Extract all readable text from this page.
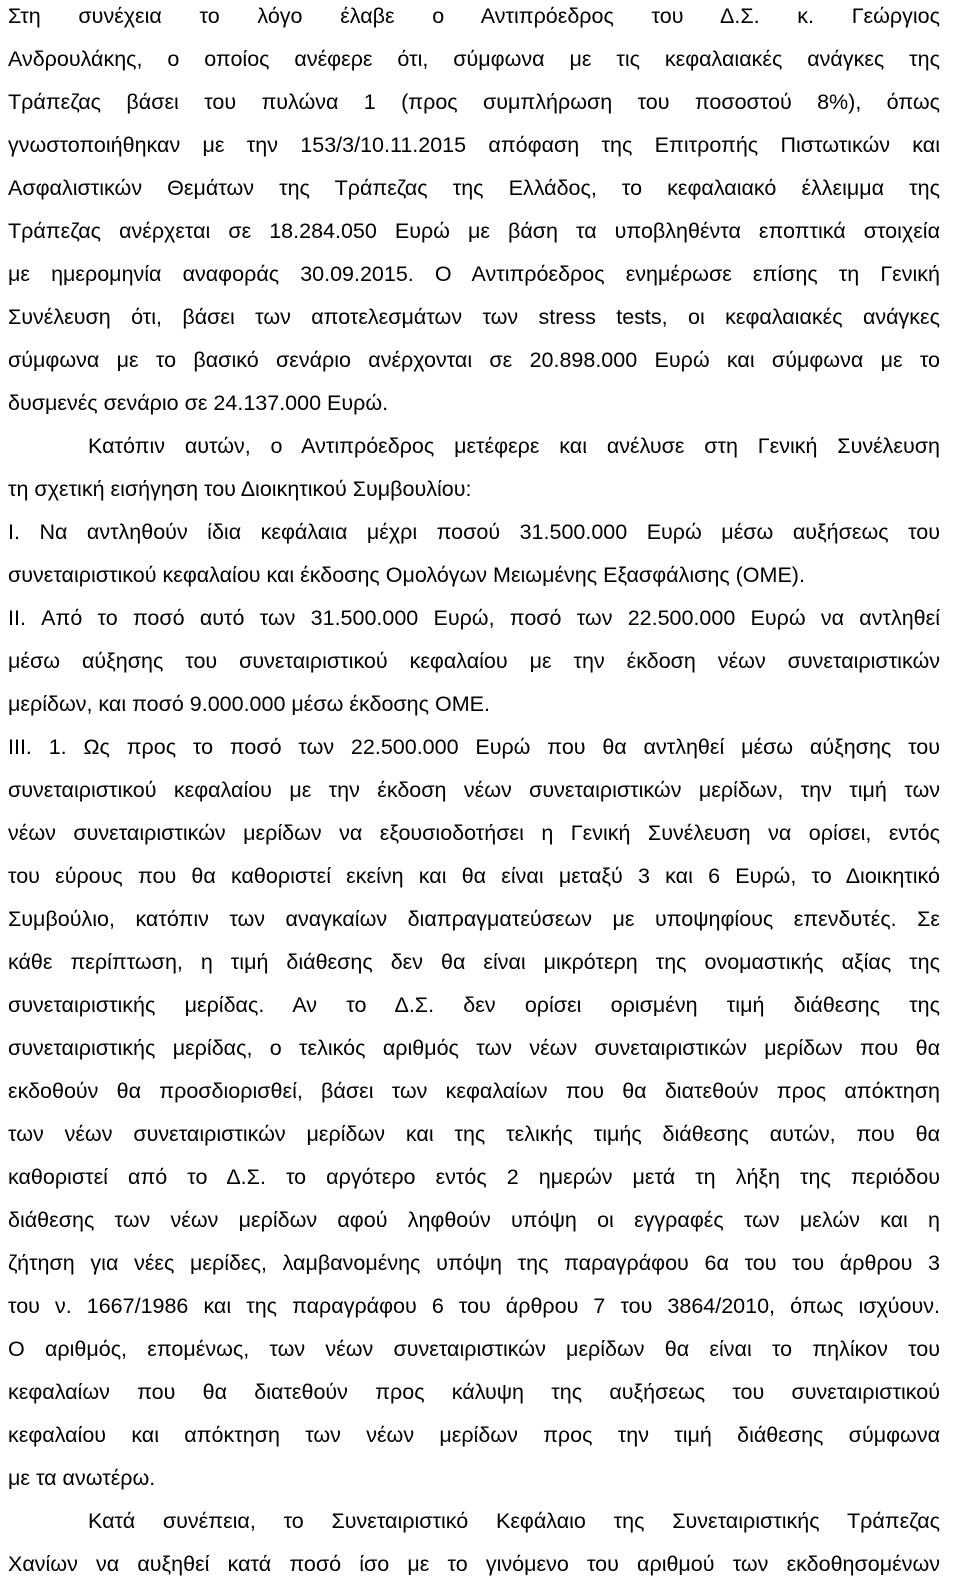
Στη συνέχεια το λόγο έλαβε ο Αντιπρόεδρος του Δ.Σ. κ. Γεώργιος
Ανδρουλάκης, ο οποίος ανέφερε ότι, σύμφωνα με τις κεφαλαιακές ανάγκες της
Τράπεζας βάσει του πυλώνα 1 (προς συμπλήρωση του ποσοστού 8%), όπως
γνωστοποιήθηκαν με την 153/3/10.11.2015 απόφαση της Επιτροπής Πιστωτικών και
Ασφαλιστικών Θεμάτων της Τράπεζας της Ελλάδος, το κεφαλαιακό έλλειμμα της
Τράπεζας ανέρχεται σε 18.284.050 Ευρώ με βάση τα υποβληθέντα εποπτικά στοιχεία
με ημερομηνία αναφοράς 30.09.2015. Ο Αντιπρόεδρος ενημέρωσε επίσης τη Γενική
Συνέλευση ότι, βάσει των αποτελεσμάτων των stress tests, οι κεφαλαιακές ανάγκες
σύμφωνα με το βασικό σενάριο ανέρχονται σε 20.898.000 Ευρώ και σύμφωνα με το
δυσμενές σενάριο σε 24.137.000 Ευρώ.
Κατόπιν αυτών, ο Αντιπρόεδρος μετέφερε και ανέλυσε στη Γενική Συνέλευση
τη σχετική εισήγηση του Διοικητικού Συμβουλίου:
I. Να αντληθούν ίδια κεφάλαια μέχρι ποσού 31.500.000 Ευρώ μέσω αυξήσεως του
συνεταιριστικού κεφαλαίου και έκδοσης Ομολόγων Μειωμένης Εξασφάλισης (ΟΜΕ).
II. Από το ποσό αυτό των 31.500.000 Ευρώ, ποσό των 22.500.000 Ευρώ να αντληθεί
μέσω αύξησης του συνεταιριστικού κεφαλαίου με την έκδοση νέων συνεταιριστικών
μερίδων, και ποσό 9.000.000 μέσω έκδοσης ΟΜΕ.
III. 1. Ως προς το ποσό των 22.500.000 Ευρώ που θα αντληθεί μέσω αύξησης του
συνεταιριστικού κεφαλαίου με την έκδοση νέων συνεταιριστικών μερίδων, την τιμή των
νέων συνεταιριστικών μερίδων να εξουσιοδοτήσει η Γενική Συνέλευση να ορίσει, εντός
του εύρους που θα καθοριστεί εκείνη και θα είναι μεταξύ 3 και 6 Ευρώ, το Διοικητικό
Συμβούλιο, κατόπιν των αναγκαίων διαπραγματεύσεων με υποψηφίους επενδυτές. Σε
κάθε περίπτωση, η τιμή διάθεσης δεν θα είναι μικρότερη της ονομαστικής αξίας της
συνεταιριστικής μερίδας. Αν το Δ.Σ. δεν ορίσει ορισμένη τιμή διάθεσης της
συνεταιριστικής μερίδας, ο τελικός αριθμός των νέων συνεταιριστικών μερίδων που θα
εκδοθούν θα προσδιορισθεί, βάσει των κεφαλαίων που θα διατεθούν προς απόκτηση
των νέων συνεταιριστικών μερίδων και της τελικής τιμής διάθεσης αυτών, που θα
καθοριστεί από το Δ.Σ. το αργότερο εντός 2 ημερών μετά τη λήξη της περιόδου
διάθεσης των νέων μερίδων αφού ληφθούν υπόψη οι εγγραφές των μελών και η
ζήτηση για νέες μερίδες, λαμβανομένης υπόψη της παραγράφου 6α του του άρθρου 3
του ν. 1667/1986 και της παραγράφου 6 του άρθρου 7 του 3864/2010, όπως ισχύουν.
Ο αριθμός, επομένως, των νέων συνεταιριστικών μερίδων θα είναι το πηλίκον του
κεφαλαίων που θα διατεθούν προς κάλυψη της αυξήσεως του συνεταιριστικού
κεφαλαίου και απόκτηση των νέων μερίδων προς την τιμή διάθεσης σύμφωνα
με τα ανωτέρω.
Κατά συνέπεια, το Συνεταιριστικό Κεφάλαιο της Συνεταιριστικής Τράπεζας
Χανίων να αυξηθεί κατά ποσό ίσο με το γινόμενο του αριθμού των εκδοθησομένων
